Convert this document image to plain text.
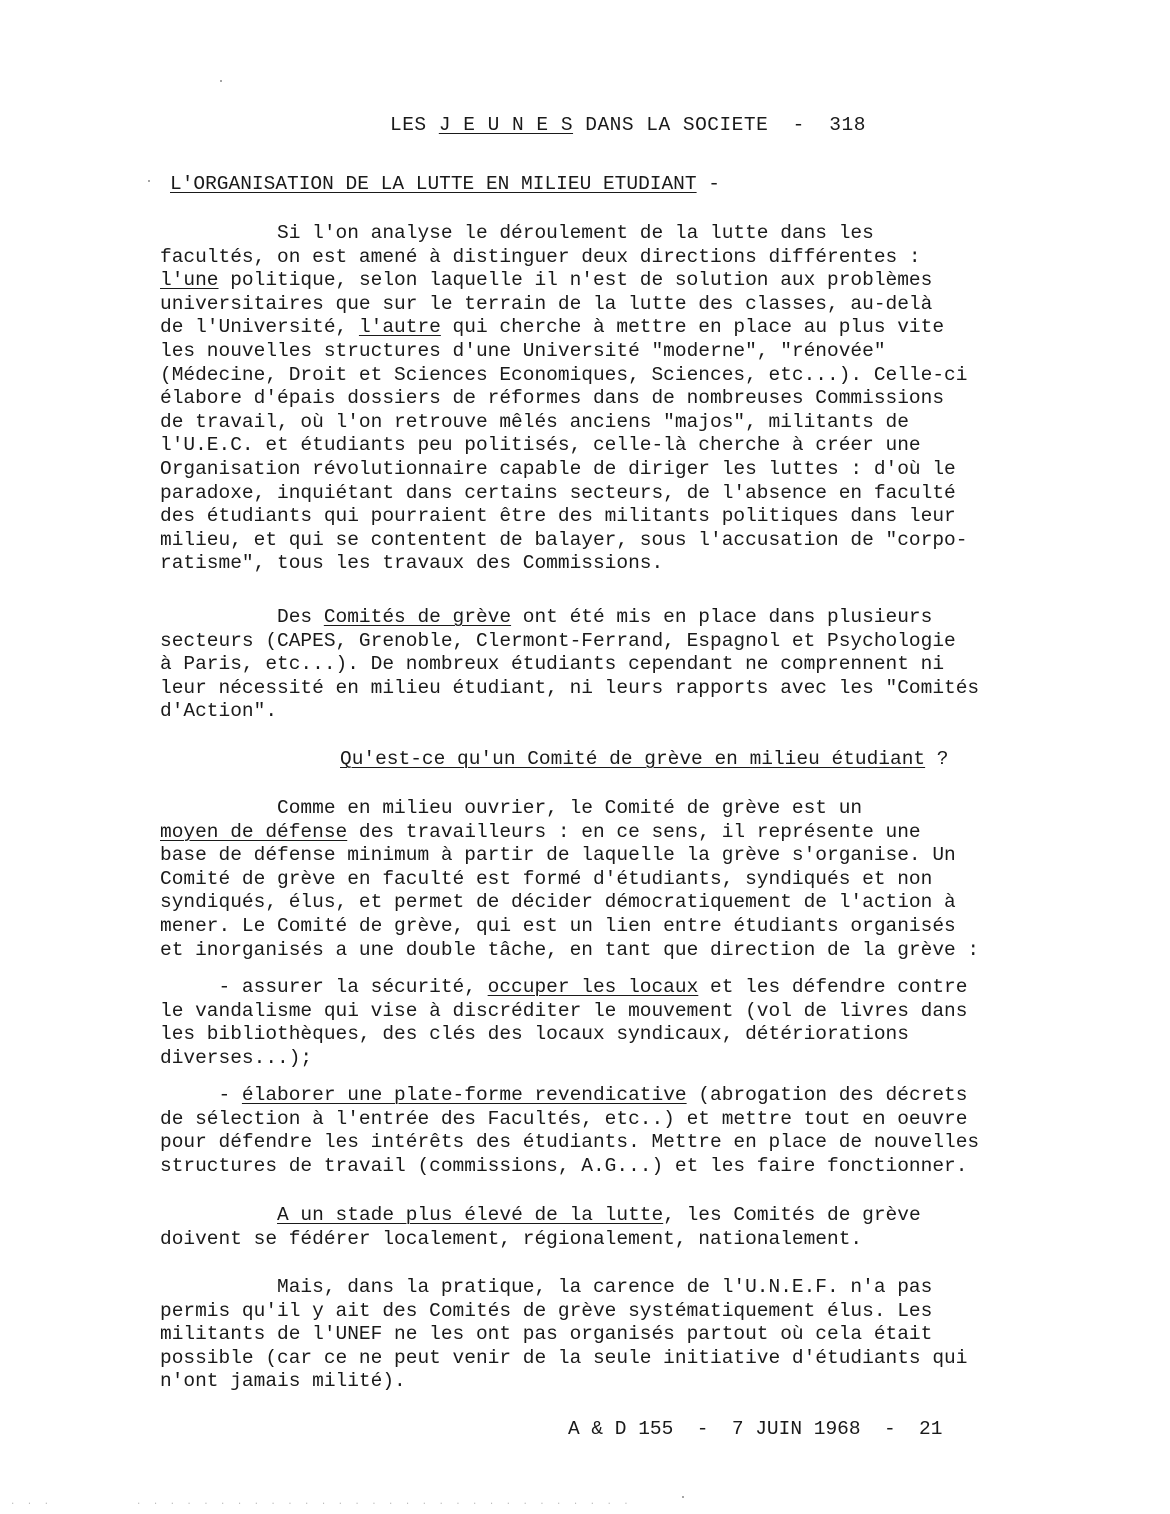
LES J E U N E S DANS LA SOCIETE  -  318
L'ORGANISATION DE LA LUTTE EN MILIEU ETUDIANT -
Si l'on analyse le déroulement de la lutte dans les
facultés, on est amené à distinguer deux directions différentes :
l'une politique, selon laquelle il n'est de solution aux problèmes
universitaires que sur le terrain de la lutte des classes, au-delà
de l'Université, l'autre qui cherche à mettre en place au plus vite
les nouvelles structures d'une Université "moderne", "rénovée"
(Médecine, Droit et Sciences Economiques, Sciences, etc...). Celle-ci
élabore d'épais dossiers de réformes dans de nombreuses Commissions
de travail, où l'on retrouve mêlés anciens "majos", militants de
l'U.E.C. et étudiants peu politisés, celle-là cherche à créer une
Organisation révolutionnaire capable de diriger les luttes : d'où le
paradoxe, inquiétant dans certains secteurs, de l'absence en faculté
des étudiants qui pourraient être des militants politiques dans leur
milieu, et qui se contentent de balayer, sous l'accusation de "corpo-
ratisme", tous les travaux des Commissions.
Des Comités de grève ont été mis en place dans plusieurs
secteurs (CAPES, Grenoble, Clermont-Ferrand, Espagnol et Psychologie
à Paris, etc...). De nombreux étudiants cependant ne comprennent ni
leur nécessité en milieu étudiant, ni leurs rapports avec les "Comités
d'Action".
Qu'est-ce qu'un Comité de grève en milieu étudiant ?
Comme en milieu ouvrier, le Comité de grève est un
moyen de défense des travailleurs : en ce sens, il représente une
base de défense minimum à partir de laquelle la grève s'organise. Un
Comité de grève en faculté est formé d'étudiants, syndiqués et non
syndiqués, élus, et permet de décider démocratiquement de l'action à
mener. Le Comité de grève, qui est un lien entre étudiants organisés
et inorganisés a une double tâche, en tant que direction de la grève :
- assurer la sécurité, occuper les locaux et les défendre contre
le vandalisme qui vise à discréditer le mouvement (vol de livres dans
les bibliothèques, des clés des locaux syndicaux, détériorations
diverses...);
- élaborer une plate-forme revendicative (abrogation des décrets
de sélection à l'entrée des Facultés, etc..) et mettre tout en oeuvre
pour défendre les intérêts des étudiants. Mettre en place de nouvelles
structures de travail (commissions, A.G...) et les faire fonctionner.
A un stade plus élevé de la lutte, les Comités de grève
doivent se fédérer localement, régionalement, nationalement.
Mais, dans la pratique, la carence de l'U.N.E.F. n'a pas
permis qu'il y ait des Comités de grève systématiquement élus. Les
militants de l'UNEF ne les ont pas organisés partout où cela était
possible (car ce ne peut venir de la seule initiative d'étudiants qui
n'ont jamais milité).
A & D 155  -  7 JUIN 1968  -  21
. . .          . . . . . . . . . . . . . . . . . . . . . . . . . . . . . .
